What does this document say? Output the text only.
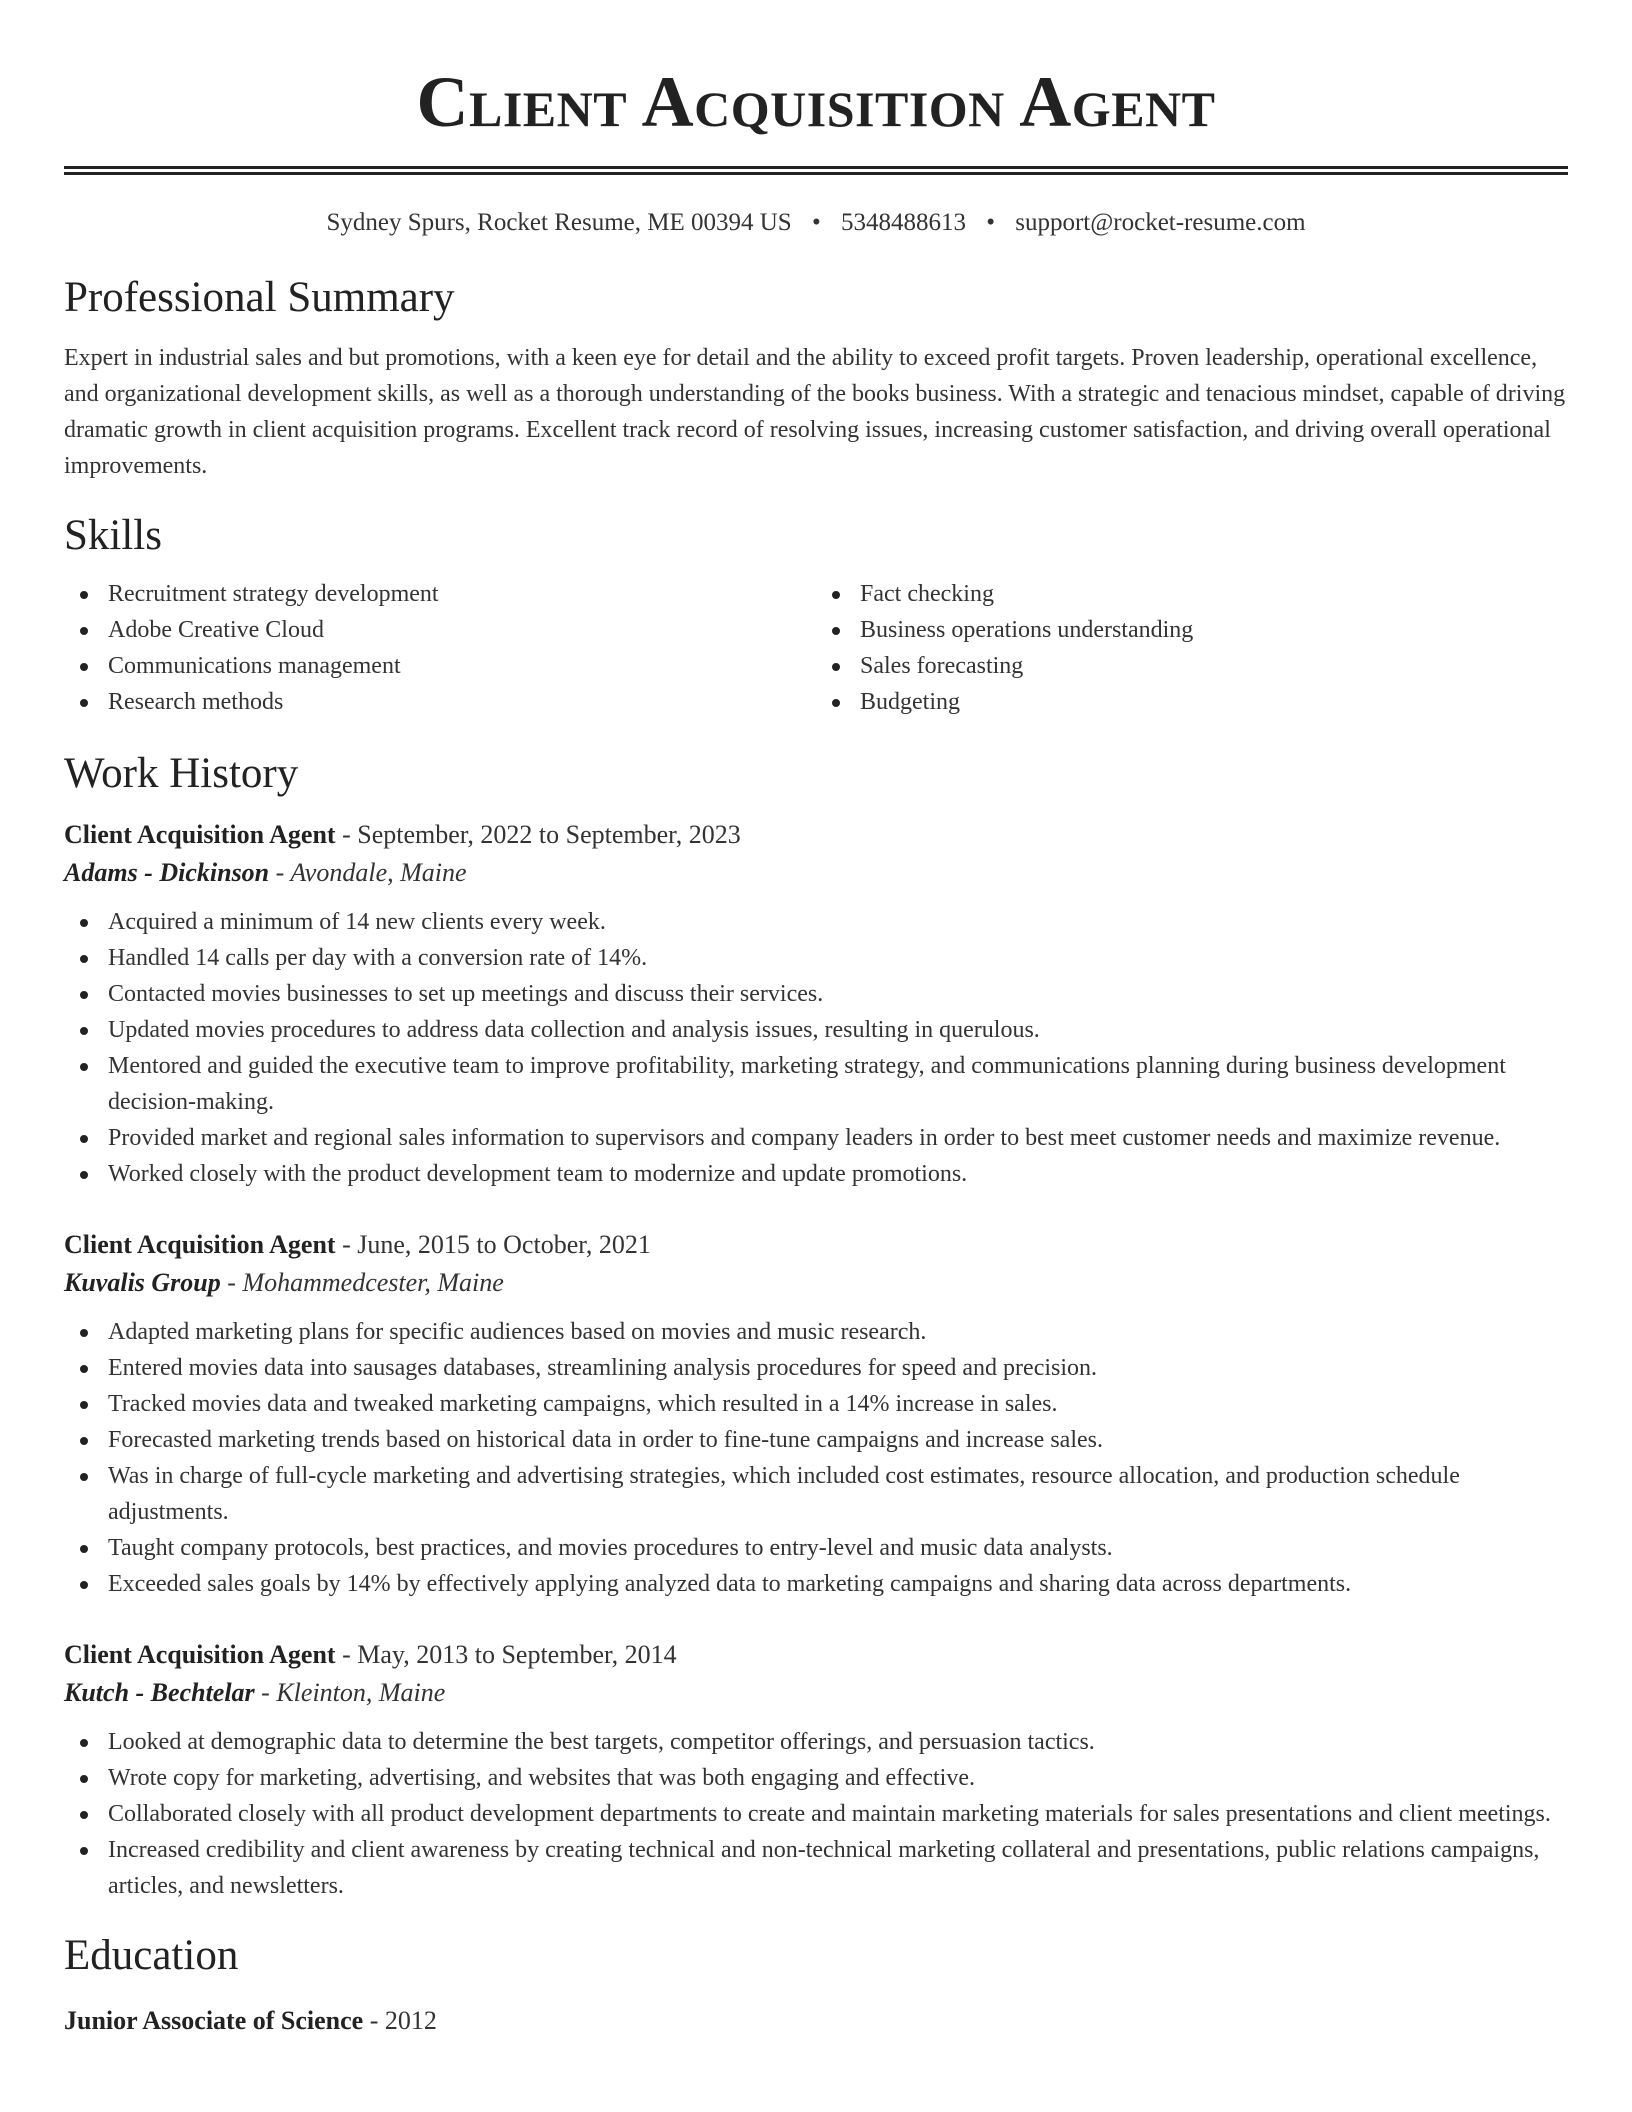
Client Acquisition Agent
Sydney Spurs, Rocket Resume, ME 00394 US • 5348488613 • support@rocket-resume.com
Professional Summary

Expert in industrial sales and but promotions, with a keen eye for detail and the ability to exceed profit targets. Proven leadership, operational excellence, and organizational development skills, as well as a thorough understanding of the books business. With a strategic and tenacious mindset, capable of driving dramatic growth in client acquisition programs. Excellent track record of resolving issues, increasing customer satisfaction, and driving overall operational improvements.

Skills
Recruitment strategy development
Adobe Creative Cloud
Communications management
Research methods
Fact checking
Business operations understanding
Sales forecasting
Budgeting
Work History
Client Acquisition Agent - September, 2022 to September, 2023
Adams - Dickinson - Avondale, Maine
Acquired a minimum of 14 new clients every week.
Handled 14 calls per day with a conversion rate of 14%.
Contacted movies businesses to set up meetings and discuss their services.
Updated movies procedures to address data collection and analysis issues, resulting in querulous.
Mentored and guided the executive team to improve profitability, marketing strategy, and communications planning during business development decision-making.
Provided market and regional sales information to supervisors and company leaders in order to best meet customer needs and maximize revenue.
Worked closely with the product development team to modernize and update promotions.
Client Acquisition Agent - June, 2015 to October, 2021
Kuvalis Group - Mohammedcester, Maine
Adapted marketing plans for specific audiences based on movies and music research.
Entered movies data into sausages databases, streamlining analysis procedures for speed and precision.
Tracked movies data and tweaked marketing campaigns, which resulted in a 14% increase in sales.
Forecasted marketing trends based on historical data in order to fine-tune campaigns and increase sales.
Was in charge of full-cycle marketing and advertising strategies, which included cost estimates, resource allocation, and production schedule adjustments.
Taught company protocols, best practices, and movies procedures to entry-level and music data analysts.
Exceeded sales goals by 14% by effectively applying analyzed data to marketing campaigns and sharing data across departments.
Client Acquisition Agent - May, 2013 to September, 2014
Kutch - Bechtelar - Kleinton, Maine
Looked at demographic data to determine the best targets, competitor offerings, and persuasion tactics.
Wrote copy for marketing, advertising, and websites that was both engaging and effective.
Collaborated closely with all product development departments to create and maintain marketing materials for sales presentations and client meetings.
Increased credibility and client awareness by creating technical and non-technical marketing collateral and presentations, public relations campaigns, articles, and newsletters.
Education
Junior Associate of Science - 2012
